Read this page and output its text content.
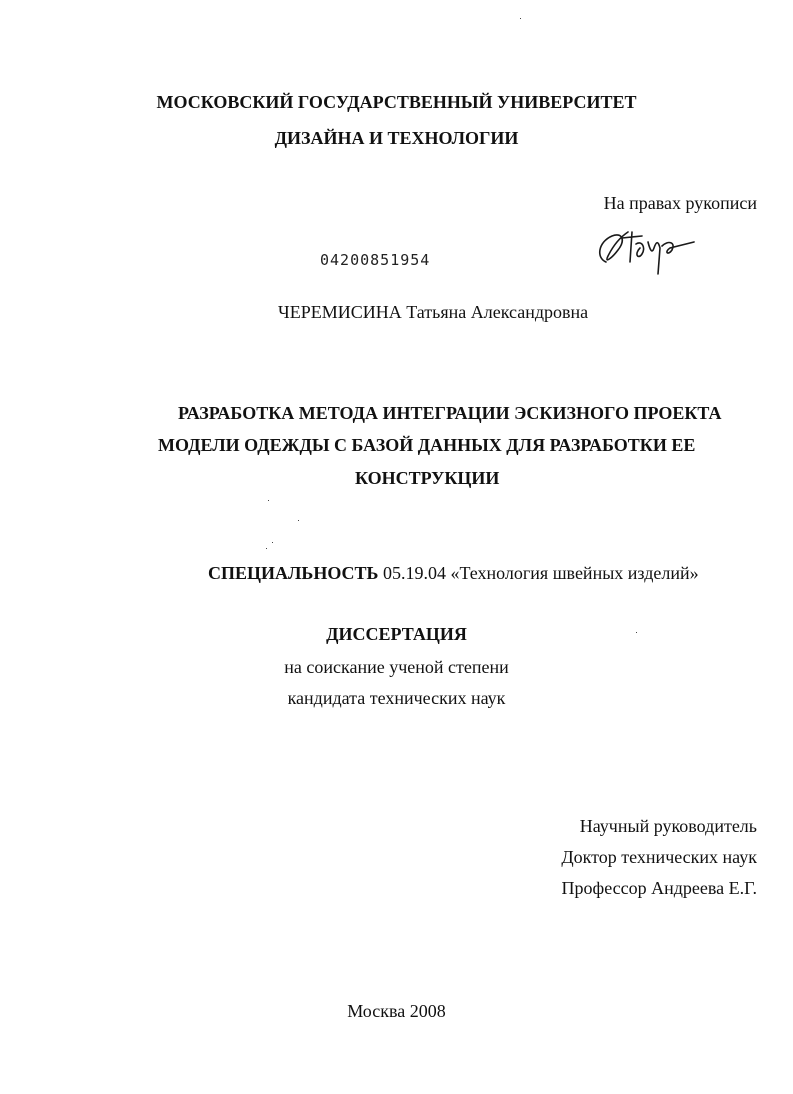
МОСКОВСКИЙ ГОСУДАРСТВЕННЫЙ УНИВЕРСИТЕТ
ДИЗАЙНА И ТЕХНОЛОГИИ
На правах рукописи
04200851954
ЧЕРЕМИСИНА Татьяна Александровна
РАЗРАБОТКА МЕТОДА ИНТЕГРАЦИИ ЭСКИЗНОГО ПРОЕКТА
МОДЕЛИ ОДЕЖДЫ С БАЗОЙ ДАННЫХ ДЛЯ РАЗРАБОТКИ ЕЕ
КОНСТРУКЦИИ
СПЕЦИАЛЬНОСТЬ 05.19.04 «Технология швейных изделий»
ДИССЕРТАЦИЯ
на соискание ученой степени
кандидата технических наук
Научный руководитель
Доктор технических наук
Профессор Андреева Е.Г.
Москва 2008
